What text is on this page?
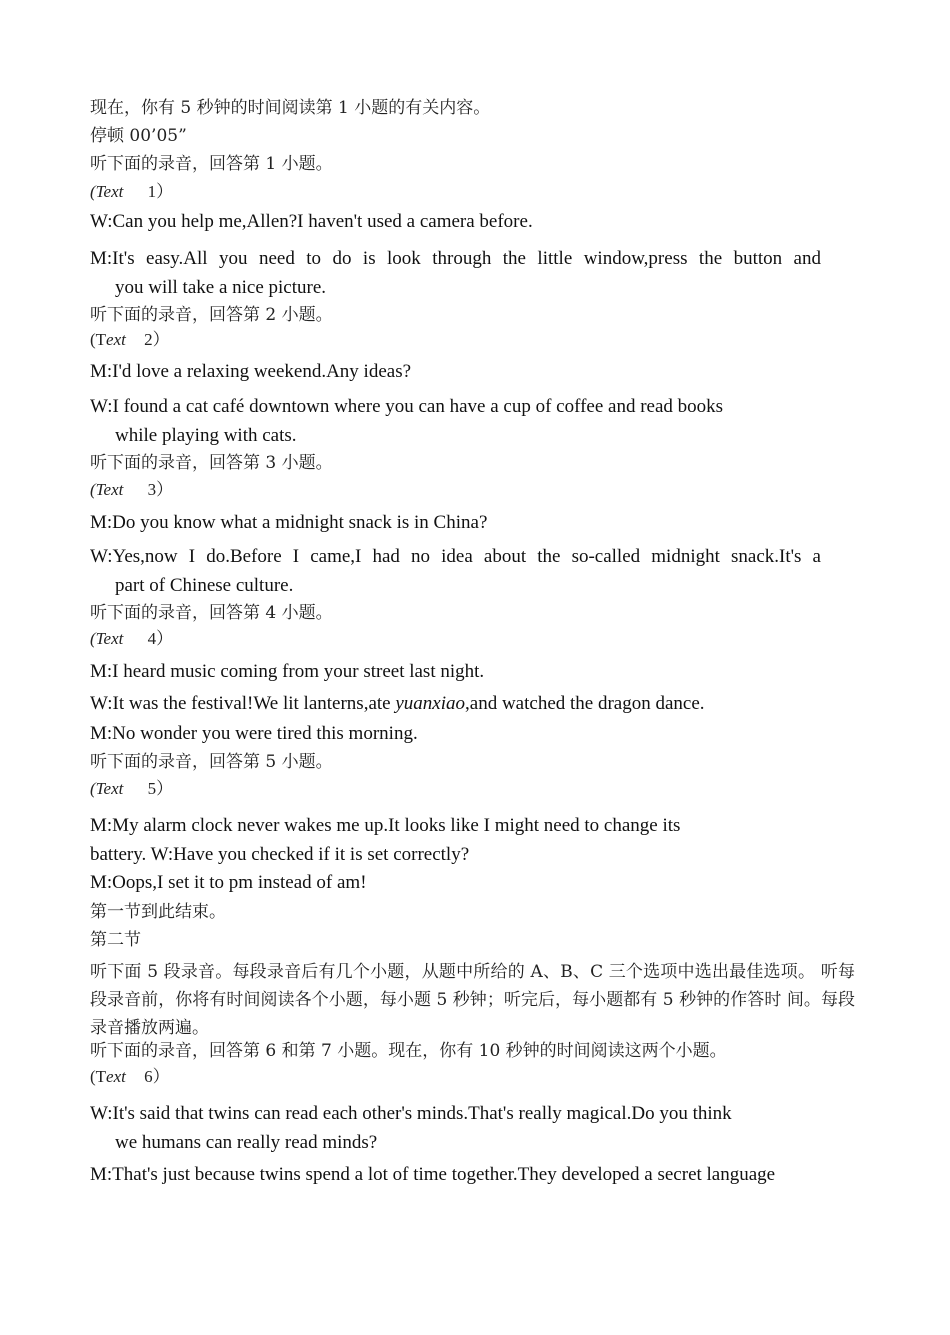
现在，你有 5 秒钟的时间阅读第 1 小题的有关内容。
停顿 00’05”
听下面的录音，回答第 1 小题。
(Text 1）
W:Can you help me,Allen?I haven't used a camera before.
M:It's easy.All you need to do is look through the little window,press the button and
you will take a nice picture.
听下面的录音，回答第 2 小题。
(Text 2）
M:I'd love a relaxing weekend.Any ideas?
W:I found a cat café downtown where you can have a cup of coffee and read books
while playing with cats.
听下面的录音，回答第 3 小题。
(Text 3）
M:Do you know what a midnight snack is in China?
W:Yes,now I do.Before I came,I had no idea about the so-called midnight snack.It's a
part of Chinese culture.
听下面的录音，回答第 4 小题。
(Text 4）
M:I heard music coming from your street last night.
W:It was the festival!We lit lanterns,ate yuanxiao,and watched the dragon dance.
M:No wonder you were tired this morning.
听下面的录音，回答第 5 小题。
(Text 5）
M:My alarm clock never wakes me up.It looks like I might need to change its
battery. W:Have you checked if it is set correctly?
M:Oops,I set it to pm instead of am!
第一节到此结束。
第二节
听下面 5 段录音。每段录音后有几个小题，从题中所给的 A、B、C 三个选项中选出最佳选项。 听每段录音前，你将有时间阅读各个小题，每小题 5 秒钟；听完后，每小题都有 5 秒钟的作答时 间。每段录音播放两遍。
听下面的录音，回答第 6 和第 7 小题。现在，你有 10 秒钟的时间阅读这两个小题。
(Text 6）
W:It's said that twins can read each other's minds.That's really magical.Do you think
we humans can really read minds?
M:That's just because twins spend a lot of time together.They developed a secret language
